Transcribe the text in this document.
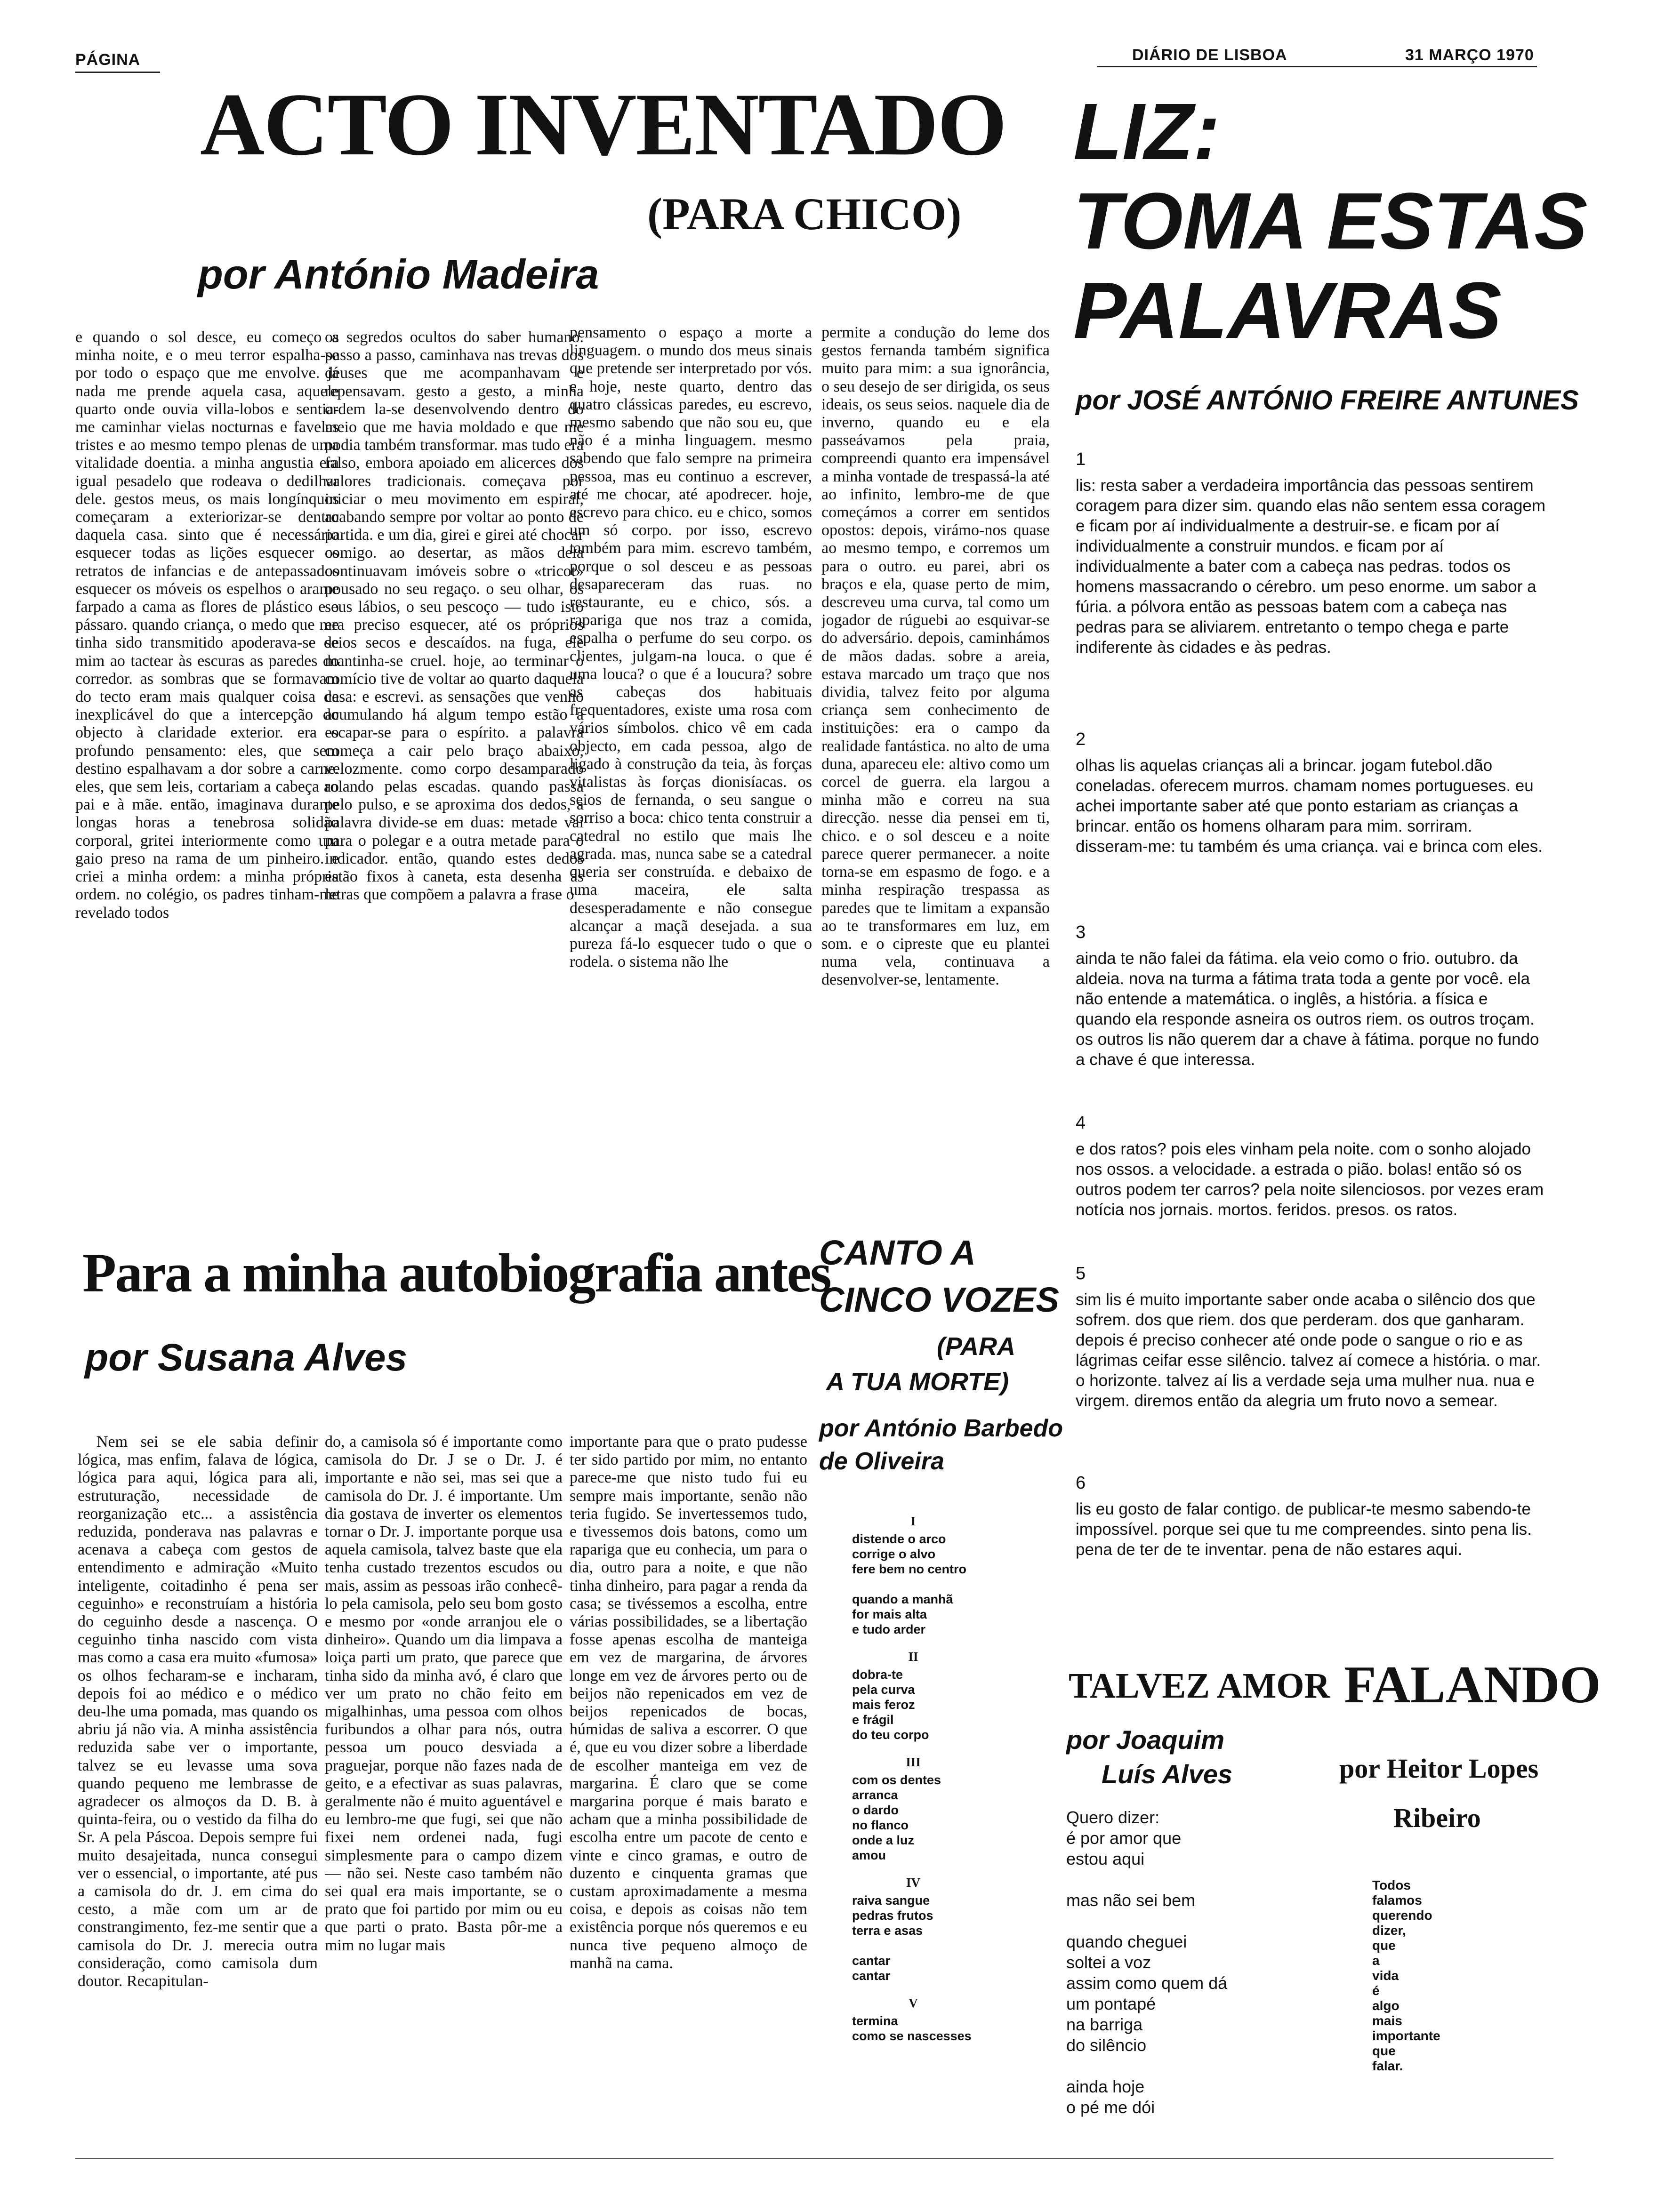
PÁGINA	DIÁRIO DE LISBOA	31 MARÇO 1970
ACTO INVENTADO
(PARA CHICO)
por António Madeira

e quando o sol desce, eu começo a minha noite, e o meu terror espalha-se por todo o espaço que me envolve. já nada me prende aquela casa, aquele quarto onde ouvia villa-lobos e sentia-me caminhar vielas nocturnas e favelas tristes e ao mesmo tempo plenas de uma vitalidade doentia. a minha angustia era igual pesadelo que rodeava o dedilhar dele. gestos meus, os mais longínquos começaram a exteriorizar-se dentro daquela casa. sinto que é necessário esquecer todas as lições esquecer os retratos de infancias e de antepassados esquecer os móveis os espelhos o arame farpado a cama as flores de plástico e o pássaro. quando criança, o medo que me tinha sido transmitido apoderava-se de mim ao tactear às escuras as paredes do corredor. as sombras que se formavam do tecto eram mais qualquer coisa de inexplicável do que a intercepção do objecto à claridade exterior. era o profundo pensamento: eles, que sem destino espalhavam a dor sobre a carne. eles, que sem leis, cortariam a cabeça ao pai e à mãe. então, imaginava durante longas horas a tenebrosa solidão corporal, gritei interiormente como um gaio preso na rama de um pinheiro. e criei a minha ordem: a minha própria ordem. no colégio, os padres tinham-me revelado todos

os segredos ocultos do saber humano. passo a passo, caminhava nas trevas dos deuses que me acompanhavam e repensavam. gesto a gesto, a minha ordem la-se desenvolvendo dentro do meio que me havia moldado e que me podia também transformar. mas tudo era falso, embora apoiado em alicerces dos valores tradicionais. começava por iniciar o meu movimento em espiral, acabando sempre por voltar ao ponto de partida. e um dia, girei e girei até chocar comigo. ao desertar, as mãos dela continuavam imóveis sobre o «tricot» pousado no seu regaço. o seu olhar, os seus lábios, o seu pescoço — tudo isto era preciso esquecer, até os próprios seios secos e descaídos. na fuga, ele mantinha-se cruel. hoje, ao terminar o comício tive de voltar ao quarto daquela casa: e escrevi. as sensações que venho acumulando há algum tempo estão a escapar-se para o espírito. a palavra começa a cair pelo braço abaixo, velozmente. como corpo desamparado rolando pelas escadas. quando passa pelo pulso, e se aproxima dos dedos, a palavra divide-se em duas: metade vai para o polegar e a outra metade para o indicador. então, quando estes dedos estão fixos à caneta, esta desenha as letras que compõem a palavra a frase o

pensamento o espaço a morte a linguagem. o mundo dos meus sinais que pretende ser interpretado por vós. e hoje, neste quarto, dentro das quatro clássicas paredes, eu escrevo, mesmo sabendo que não sou eu, que não é a minha linguagem. mesmo sabendo que falo sempre na primeira pessoa, mas eu continuo a escrever, até me chocar, até apodrecer. hoje, escrevo para chico. eu e chico, somos um só corpo. por isso, escrevo também para mim. escrevo também, porque o sol desceu e as pessoas desapareceram das ruas. no restaurante, eu e chico, sós. a rapariga que nos traz a comida, espalha o perfume do seu corpo. os clientes, julgam-na louca. o que é uma louca? o que é a loucura? sobre as cabeças dos habituais frequentadores, existe uma rosa com vários símbolos. chico vê em cada objecto, em cada pessoa, algo de ligado à construção da teia, às forças vitalistas às forças dionisíacas. os seios de fernanda, o seu sangue o sorriso a boca: chico tenta construir a catedral no estilo que mais lhe agrada. mas, nunca sabe se a catedral queria ser construída. e debaixo de uma maceira, ele salta desesperadamente e não consegue alcançar a maçã desejada. a sua pureza fá-lo esquecer tudo o que o rodela. o sistema não lhe

permite a condução do leme dos gestos fernanda também significa muito para mim: a sua ignorância, o seu desejo de ser dirigida, os seus ideais, os seus seios. naquele dia de inverno, quando eu e ela passeávamos pela praia, compreendi quanto era impensável a minha vontade de trespassá-la até ao infinito, lembro-me de que começámos a correr em sentidos opostos: depois, virámo-nos quase ao mesmo tempo, e corremos um para o outro. eu parei, abri os braços e ela, quase perto de mim, descreveu uma curva, tal como um jogador de rúguebi ao esquivar-se do adversário. depois, caminhámos de mãos dadas. sobre a areia, estava marcado um traço que nos dividia, talvez feito por alguma criança sem conhecimento de instituições: era o campo da realidade fantástica. no alto de uma duna, apareceu ele: altivo como um corcel de guerra. ela largou a minha mão e correu na sua direcção. nesse dia pensei em ti, chico. e o sol desceu e a noite parece querer permanecer. a noite torna-se em espasmo de fogo. e a minha respiração trespassa as paredes que te limitam a expansão ao te transformares em luz, em som. e o cipreste que eu plantei numa vela, continuava a desenvolver-se, lentamente.

LIZ:
TOMA ESTAS
PALAVRAS
por JOSÉ ANTÓNIO FREIRE ANTUNES
1
lis: resta saber a verdadeira importância das pessoas sentirem coragem para dizer sim. quando elas não sentem essa coragem e ficam por aí individualmente a destruir-se. e ficam por aí individualmente a construir mundos. e ficam por aí individualmente a bater com a cabeça nas pedras. todos os homens massacrando o cérebro. um peso enorme. um sabor a fúria. a pólvora então as pessoas batem com a cabeça nas pedras para se aliviarem. entretanto o tempo chega e parte indiferente às cidades e às pedras.
2
olhas lis aquelas crianças ali a brincar. jogam futebol.dão coneladas. oferecem murros. chamam nomes portugueses. eu achei importante saber até que ponto estariam as crianças a brincar. então os homens olharam para mim. sorriram. disseram-me: tu também és uma criança. vai e brinca com eles.
3
ainda te não falei da fátima. ela veio como o frio. outubro. da aldeia. nova na turma a fátima trata toda a gente por você. ela não entende a matemática. o inglês, a história. a física e quando ela responde asneira os outros riem. os outros troçam. os outros lis não querem dar a chave à fátima. porque no fundo a chave é que interessa.
4
e dos ratos? pois eles vinham pela noite. com o sonho alojado nos ossos. a velocidade. a estrada o pião. bolas! então só os outros podem ter carros? pela noite silenciosos. por vezes eram notícia nos jornais. mortos. feridos. presos. os ratos.
5
sim lis é muito importante saber onde acaba o silêncio dos que sofrem. dos que riem. dos que perderam. dos que ganharam. depois é preciso conhecer até onde pode o sangue o rio e as lágrimas ceifar esse silêncio. talvez aí comece a história. o mar. o horizonte. talvez aí lis a verdade seja uma mulher nua. nua e virgem. diremos então da alegria um fruto novo a semear.
6
lis eu gosto de falar contigo. de publicar-te mesmo sabendo-te impossível. porque sei que tu me compreendes. sinto pena lis. pena de ter de te inventar. pena de não estares aqui.
Para a minha autobiografia antes
por Susana Alves

Nem sei se ele sabia definir lógica, mas enfim, falava de lógica, lógica para aqui, lógica para ali, estruturação, necessidade de reorganização etc... a assistência reduzida, ponderava nas palavras e acenava a cabeça com gestos de entendimento e admiração «Muito inteligente, coitadinho é pena ser ceguinho» e reconstruíam a história do ceguinho desde a nascença. O ceguinho tinha nascido com vista mas como a casa era muito «fumosa» os olhos fecharam-se e incharam, depois foi ao médico e o médico deu-lhe uma pomada, mas quando os abriu já não via. A minha assistência reduzida sabe ver o importante, talvez se eu levasse uma sova quando pequeno me lembrasse de agradecer os almoços da D. B. à quinta-feira, ou o vestido da filha do Sr. A pela Páscoa. Depois sempre fui muito desajeitada, nunca consegui ver o essencial, o importante, até pus a camisola do dr. J. em cima do cesto, a mãe com um ar de constrangimento, fez-me sentir que a camisola do Dr. J. merecia outra consideração, como camisola dum doutor. Recapitulan-

do, a camisola só é importante como camisola do Dr. J se o Dr. J. é importante e não sei, mas sei que a camisola do Dr. J. é importante. Um dia gostava de inverter os elementos tornar o Dr. J. importante porque usa aquela camisola, talvez baste que ela tenha custado trezentos escudos ou mais, assim as pessoas irão conhecê-lo pela camisola, pelo seu bom gosto e mesmo por «onde arranjou ele o dinheiro». Quando um dia limpava a loiça parti um prato, que parece que tinha sido da minha avó, é claro que ver um prato no chão feito em migalhinhas, uma pessoa com olhos furibundos a olhar para nós, outra pessoa um pouco desviada a praguejar, porque não fazes nada de geito, e a efectivar as suas palavras, geralmente não é muito aguentável e eu lembro-me que fugi, sei que não fixei nem ordenei nada, fugi simplesmente para o campo dizem — não sei. Neste caso também não sei qual era mais importante, se o prato que foi partido por mim ou eu que parti o prato. Basta pôr-me a mim no lugar mais

importante para que o prato pudesse ter sido partido por mim, no entanto parece-me que nisto tudo fui eu sempre mais importante, senão não teria fugido. Se invertessemos tudo, e tivessemos dois batons, como um rapariga que eu conhecia, um para o dia, outro para a noite, e que não tinha dinheiro, para pagar a renda da casa; se tivéssemos a escolha, entre várias possibilidades, se a libertação fosse apenas escolha de manteiga em vez de margarina, de árvores longe em vez de árvores perto ou de beijos não repenicados em vez de beijos repenicados de bocas, húmidas de saliva a escorrer. O que é, que eu vou dizer sobre a liberdade de escolher manteiga em vez de margarina. É claro que se come margarina porque é mais barato e acham que a minha possibilidade de escolha entre um pacote de cento e vinte e cinco gramas, e outro de duzento e cinquenta gramas que custam aproximadamente a mesma coisa, e depois as coisas não tem existência porque nós queremos e eu nunca tive pequeno almoço de manhã na cama.

CANTO A
CINCO VOZES
(PARA
A TUA MORTE)
por António Barbedo
de Oliveira
I
distende o arco
corrige o alvo
fere bem no centro

quando a manhã
for mais alta
e tudo arder
II
dobra-te
pela curva
mais feroz
e frágil
do teu corpo
III
com os dentes
arranca
o dardo
no flanco
onde a luz
amou
IV
raiva sangue
pedras frutos
terra e asas

cantar
cantar
V
termina
como se nascesses
TALVEZ AMOR
por Joaquim
Luís Alves
Quero dizer:
é por amor que
estou aqui

mas não sei bem

quando cheguei
soltei a voz
assim como quem dá
um pontapé
na barriga
do silêncio

ainda hoje
o pé me dói
FALANDO
por Heitor Lopes
Ribeiro
Todos
falamos
querendo
dizer,
que
a
vida
é
algo
mais
importante
que
falar.
